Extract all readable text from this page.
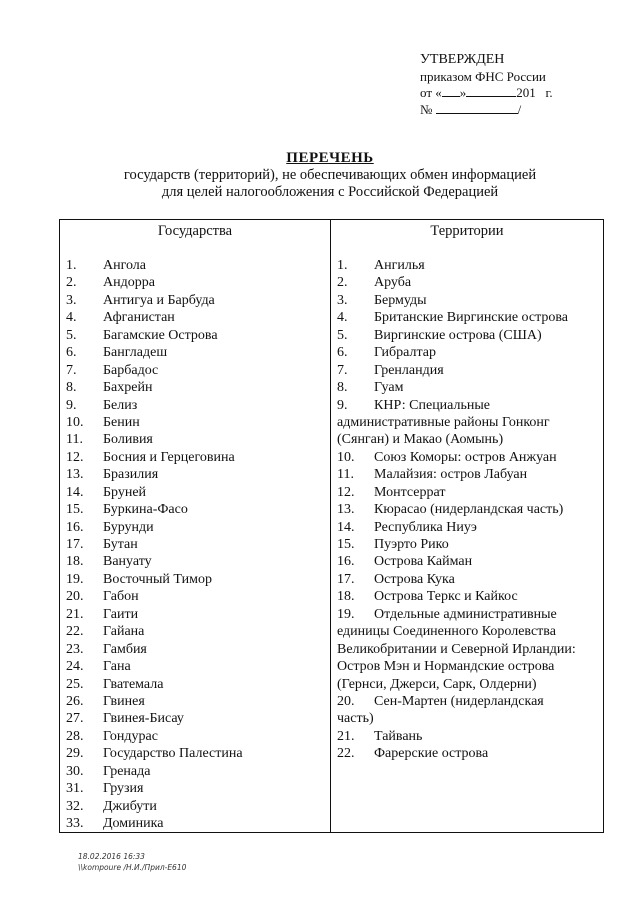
УТВЕРЖДЕН
приказом ФНС России
от « »	201 г.
№	/
ПЕРЕЧЕНЬ
государств (территорий), не обеспечивающих обмен информацией
для целей налогообложения с Российской Федерацией
Государства	Территории
1. Ангола
2. Андорра
3. Антигуа и Барбуда
4. Афганистан
5. Багамские Острова
6. Бангладеш
7. Барбадос
8. Бахрейн
9. Белиз
10. Бенин
11. Боливия
12. Босния и Герцеговина
13. Бразилия
14. Бруней
15. Буркина-Фасо
16. Бурунди
17. Бутан
18. Вануату
19. Восточный Тимор
20. Габон
21. Гаити
22. Гайана
23. Гамбия
24. Гана
25. Гватемала
26. Гвинея
27. Гвинея-Бисау
28. Гондурас
29. Государство Палестина
30. Гренада
31. Грузия
32. Джибути
33. Доминика
1. Ангилья
2. Аруба
3. Бермуды
4. Британские Виргинские острова
5. Виргинские острова (США)
6. Гибралтар
7. Гренландия
8. Гуам
9. КНР: Специальные
административные районы Гонконг
(Сянган) и Макао (Аомынь)
10. Союз Коморы: остров Анжуан
11. Малайзия: остров Лабуан
12. Монтсеррат
13. Кюрасао (нидерландская часть)
14. Республика Ниуэ
15. Пуэрто Рико
16. Острова Кайман
17. Острова Кука
18. Острова Теркс и Кайкос
19. Отдельные административные
единицы Соединенного Королевства
Великобритании и Северной Ирландии:
Остров Мэн и Нормандские острова
(Гернси, Джерси, Сарк, Олдерни)
20. Сен-Мартен (нидерландская
часть)
21. Тайвань
22. Фарерские острова
18.02.2016 16:33
\\kompoure /Н.И./Прил-Е610
